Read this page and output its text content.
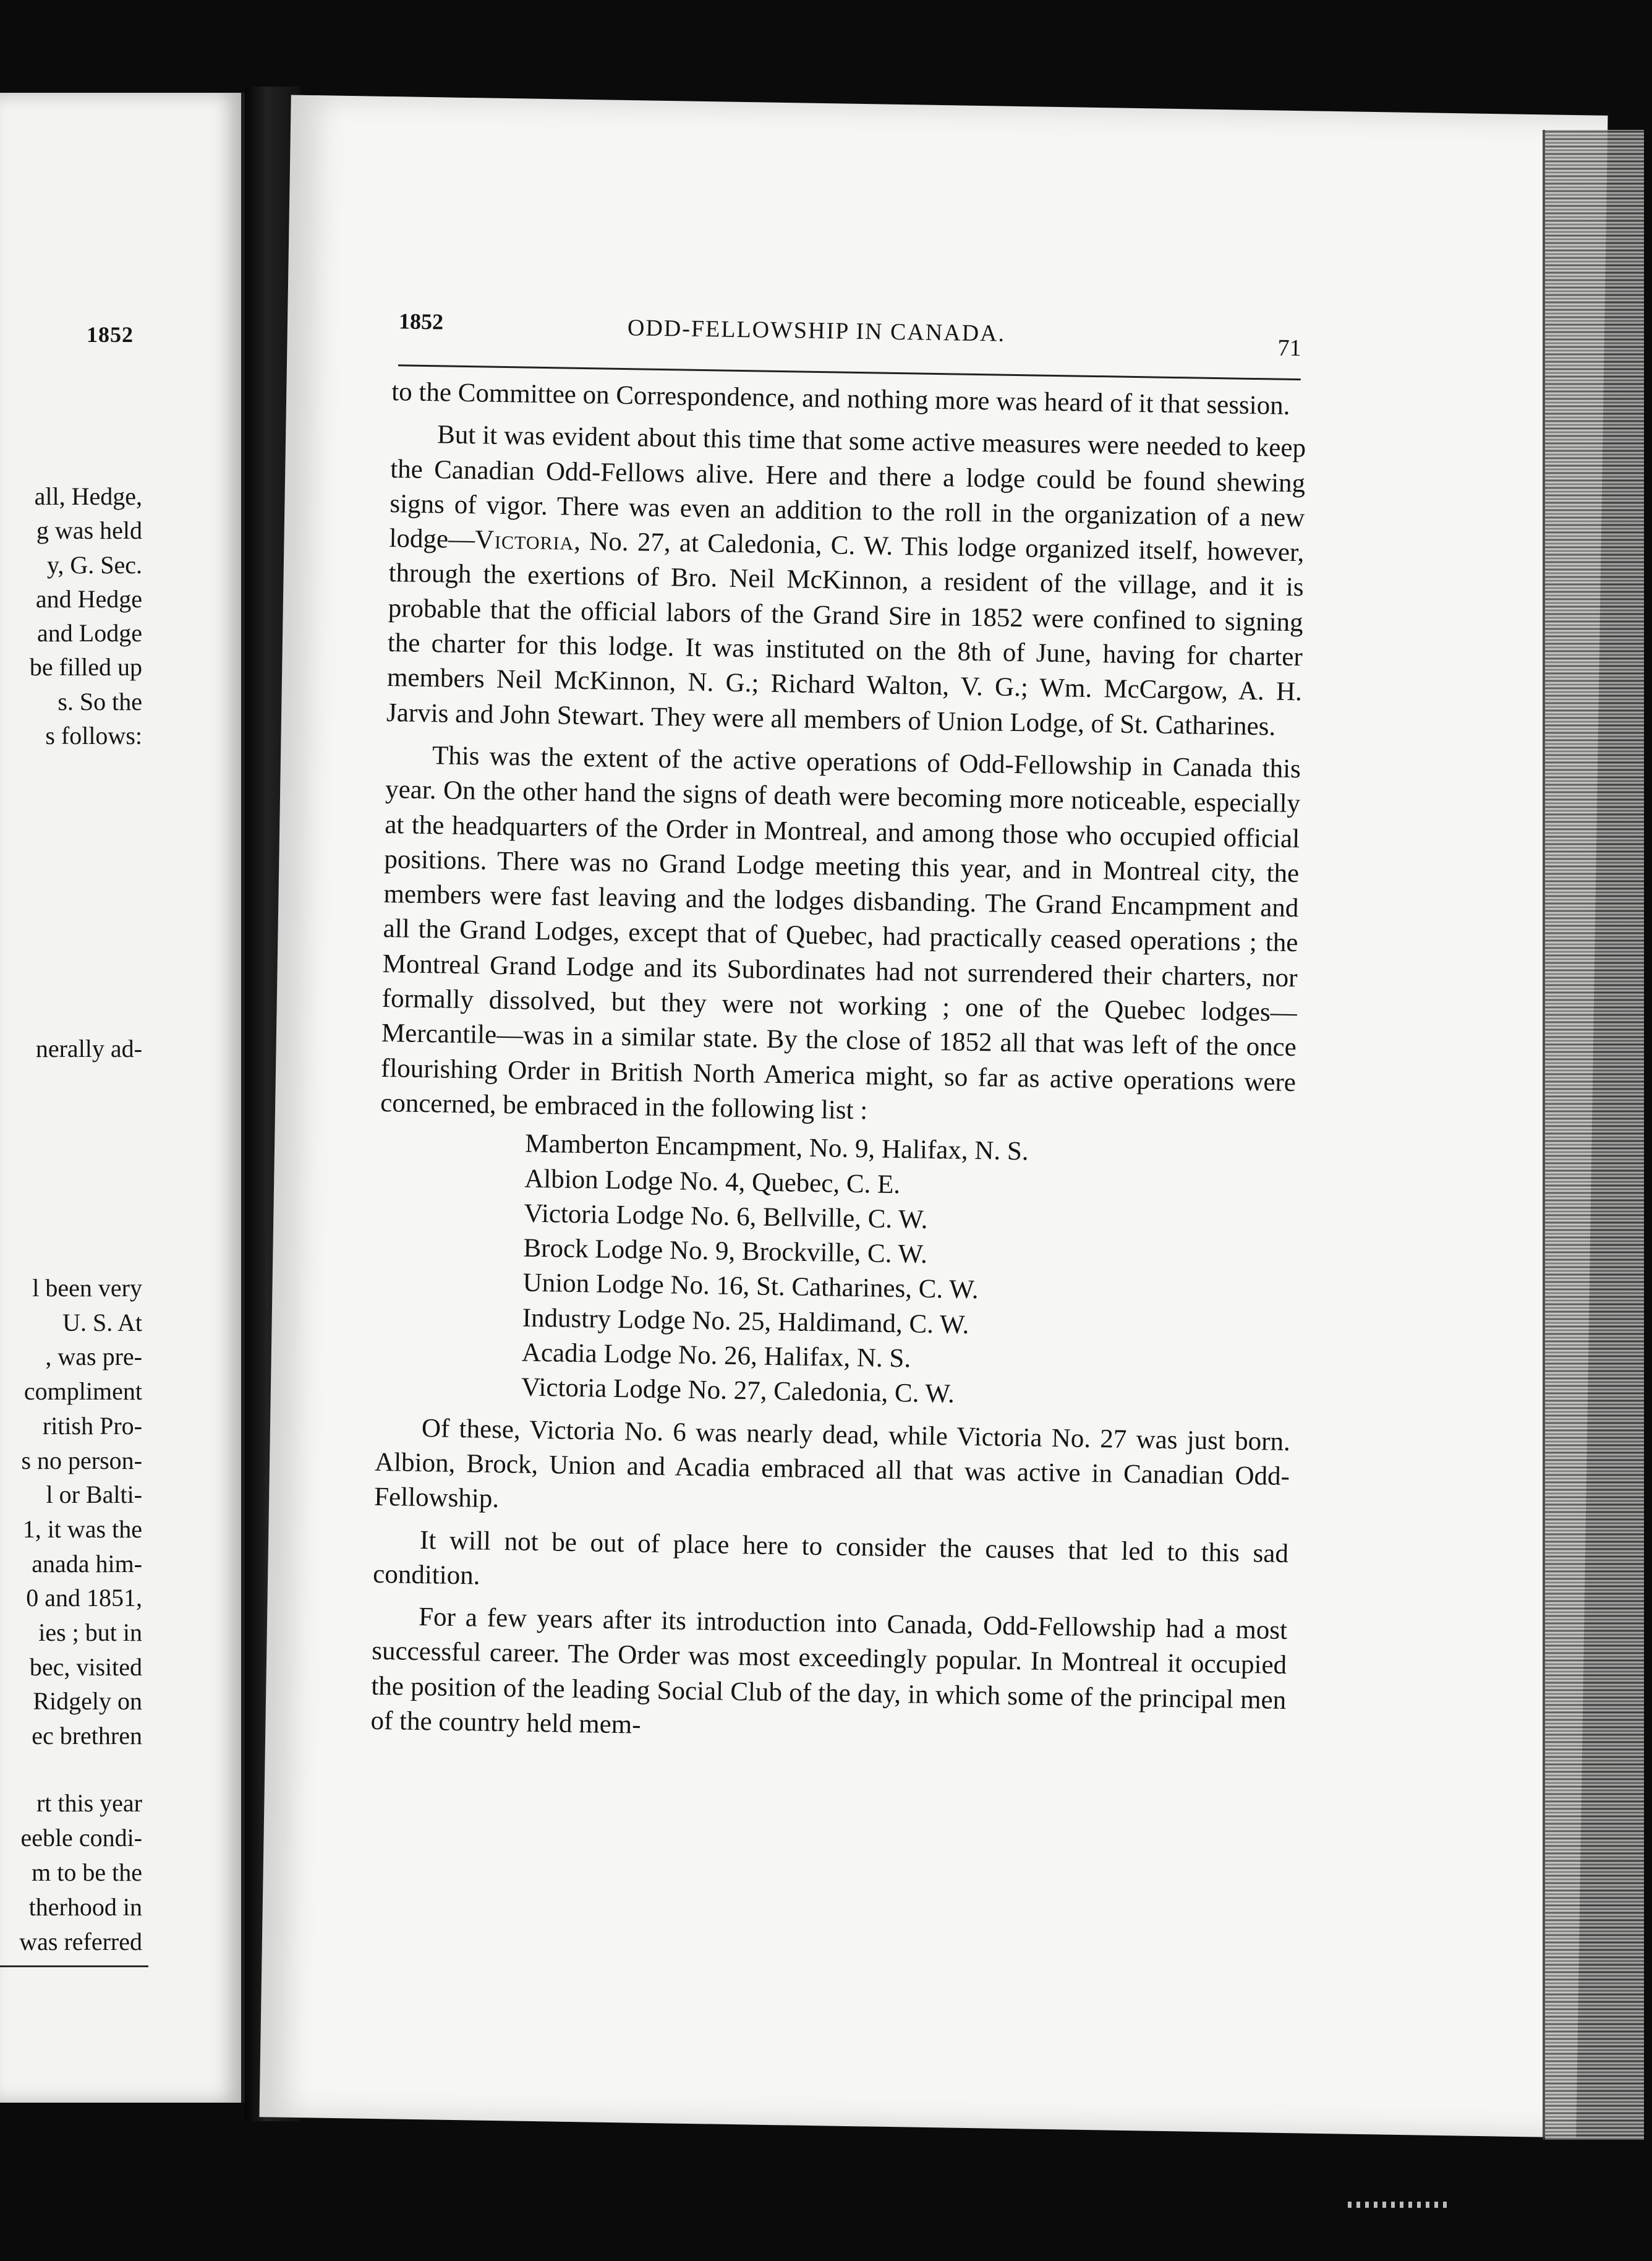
1852
all, Hedge,
g was held
y, G. Sec.
and Hedge
and Lodge
be filled up
s. So the
s follows:
nerally ad-
l been very
U. S. At
, was pre-
compliment
ritish Pro-
s no person-
l or Balti-
1, it was the
anada him-
0 and 1851,
ies ; but in
bec, visited
Ridgely on
ec brethren
rt this year
eeble condi-
m to be the
therhood in
was referred
1852	ODD-FELLOWSHIP IN CANADA.
71

to the Committee on Correspondence, and nothing more was heard of it that session.

But it was evident about this time that some active measures were needed to keep the Canadian Odd-Fellows alive. Here and there a lodge could be found shewing signs of vigor. There was even an addition to the roll in the organization of a new lodge—Victoria, No. 27, at Caledonia, C. W. This lodge organized itself, however, through the exertions of Bro. Neil McKinnon, a resident of the village, and it is probable that the official labors of the Grand Sire in 1852 were confined to signing the charter for this lodge. It was instituted on the 8th of June, having for charter members Neil McKinnon, N. G.; Richard Walton, V. G.; Wm. McCargow, A. H. Jarvis and John Stewart. They were all members of Union Lodge, of St. Catharines.

This was the extent of the active operations of Odd-Fellowship in Canada this year. On the other hand the signs of death were becoming more noticeable, especially at the headquarters of the Order in Montreal, and among those who occupied official positions. There was no Grand Lodge meeting this year, and in Montreal city, the members were fast leaving and the lodges disbanding. The Grand Encampment and all the Grand Lodges, except that of Quebec, had practically ceased operations ; the Montreal Grand Lodge and its Subordinates had not surrendered their charters, nor formally dissolved, but they were not working ; one of the Quebec lodges—Mercantile—was in a similar state. By the close of 1852 all that was left of the once flourishing Order in British North America might, so far as active operations were concerned, be embraced in the following list :

Mamberton Encampment, No. 9, Halifax, N. S.
Albion Lodge No. 4, Quebec, C. E.
Victoria Lodge No. 6, Bellville, C. W.
Brock Lodge No. 9, Brockville, C. W.
Union Lodge No. 16, St. Catharines, C. W.
Industry Lodge No. 25, Haldimand, C. W.
Acadia Lodge No. 26, Halifax, N. S.
Victoria Lodge No. 27, Caledonia, C. W.

Of these, Victoria No. 6 was nearly dead, while Victoria No. 27 was just born. Albion, Brock, Union and Acadia embraced all that was active in Canadian Odd-Fellowship.

It will not be out of place here to consider the causes that led to this sad condition.

For a few years after its introduction into Canada, Odd-Fellowship had a most successful career. The Order was most exceedingly popular. In Montreal it occupied the position of the leading Social Club of the day, in which some of the principal men of the country held mem-
